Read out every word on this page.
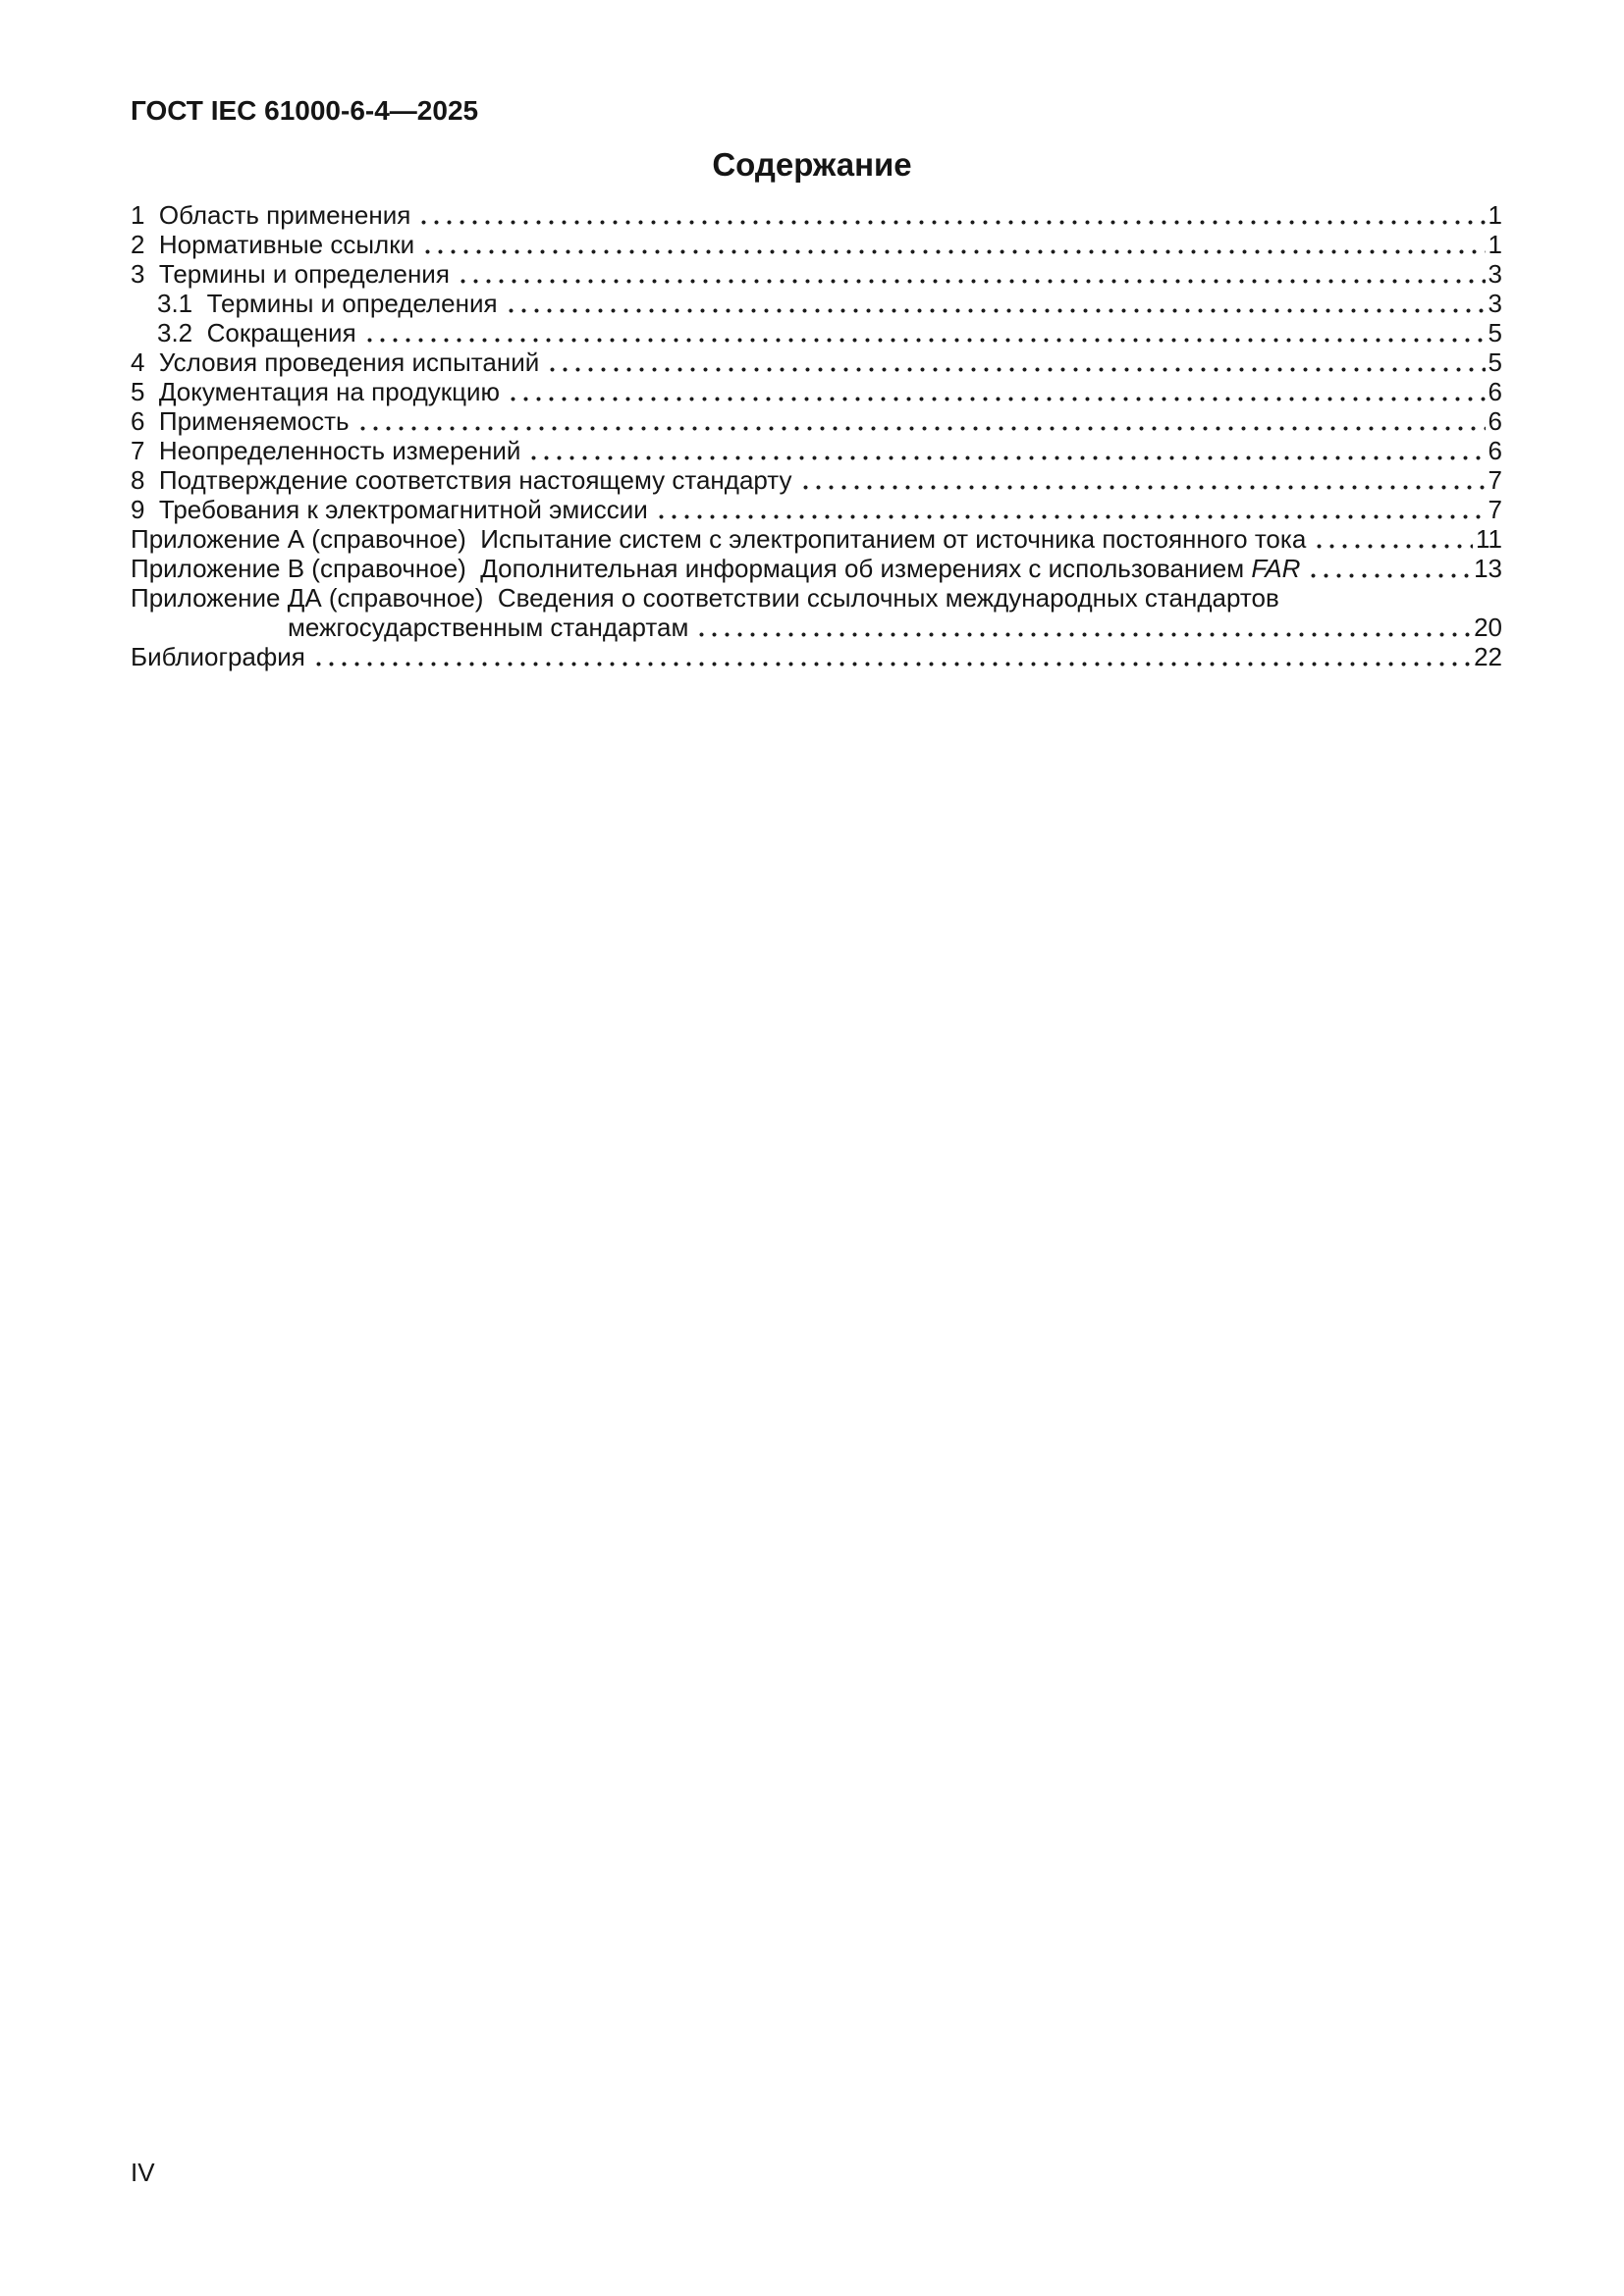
ГОСТ IEC 61000-6-4—2025
Содержание
1  Область применения	1
2  Нормативные ссылки	1
3  Термины и определения	3
3.1  Термины и определения	3
3.2  Сокращения	5
4  Условия проведения испытаний	5
5  Документация на продукцию	6
6  Применяемость	6
7  Неопределенность измерений	6
8  Подтверждение соответствия настоящему стандарту	7
9  Требования к электромагнитной эмиссии	7
Приложение А (справочное)  Испытание систем с электропитанием от источника постоянного тока	11
Приложение В (справочное)  Дополнительная информация об измерениях с использованием FAR	13
Приложение ДА (справочное)  Сведения о соответствии ссылочных международных стандартов
межгосударственным стандартам	20
Библиография	22
IV
